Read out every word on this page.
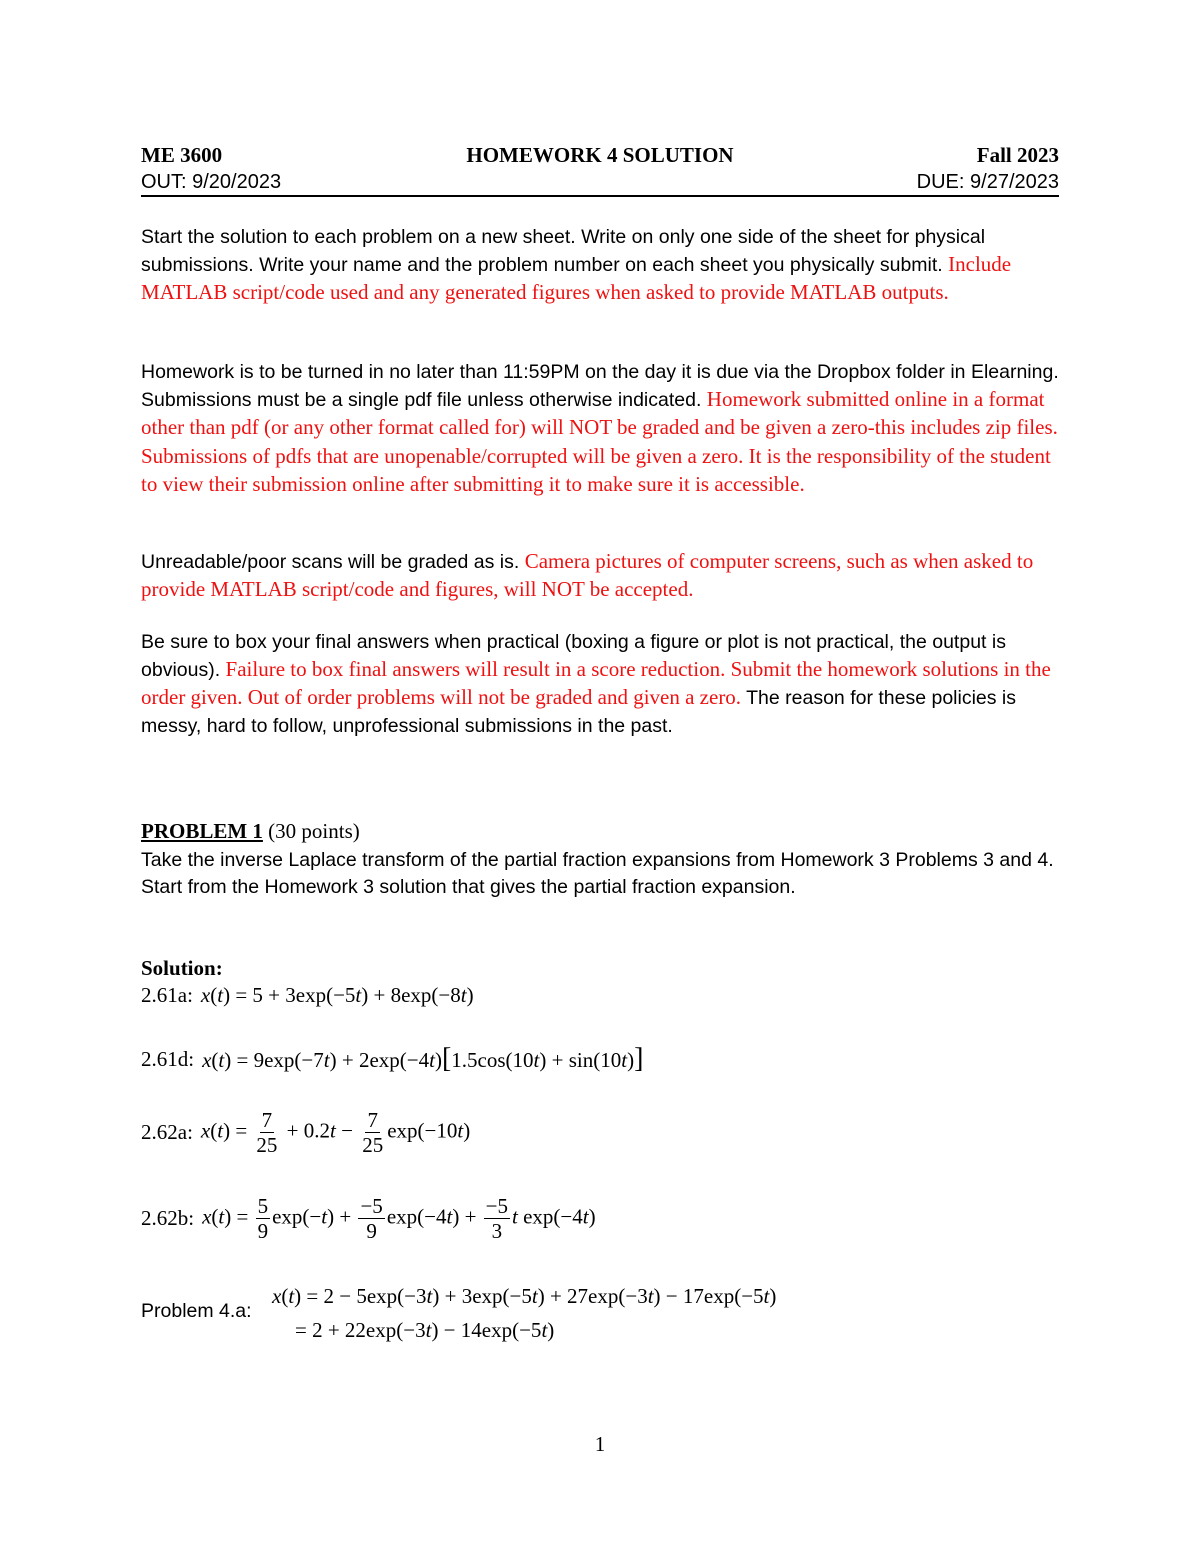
ME 3600	HOMEWORK 4 SOLUTION	Fall 2023
OUT: 9/20/2023	DUE: 9/27/2023
Start the solution to each problem on a new sheet. Write on only one side of the sheet for physical submissions. Write your name and the problem number on each sheet you physically submit. Include MATLAB script/code used and any generated figures when asked to provide MATLAB outputs.
Homework is to be turned in no later than 11:59PM on the day it is due via the Dropbox folder in Elearning. Submissions must be a single pdf file unless otherwise indicated. Homework submitted online in a format other than pdf (or any other format called for) will NOT be graded and be given a zero-this includes zip files. Submissions of pdfs that are unopenable/corrupted will be given a zero. It is the responsibility of the student to view their submission online after submitting it to make sure it is accessible.
Unreadable/poor scans will be graded as is. Camera pictures of computer screens, such as when asked to provide MATLAB script/code and figures, will NOT be accepted.
Be sure to box your final answers when practical (boxing a figure or plot is not practical, the output is obvious). Failure to box final answers will result in a score reduction. Submit the homework solutions in the order given. Out of order problems will not be graded and given a zero. The reason for these policies is messy, hard to follow, unprofessional submissions in the past.
PROBLEM 1 (30 points)
Take the inverse Laplace transform of the partial fraction expansions from Homework 3 Problems 3 and 4. Start from the Homework 3 solution that gives the partial fraction expansion.
Solution:
2.61a: x(t) = 5 + 3exp(−5t) + 8exp(−8t)
2.61d: x(t) = 9exp(−7t) + 2exp(−4t)[1.5cos(10t) + sin(10t)]
2.62a: $x(t) = \frac{7}{25} + 0.2t - \frac{7}{25} \exp(-10t)$
2.62b: $x(t) = \frac{5}{9} \exp(-t) + \frac{-5}{9} \exp(-4t) + \frac{-5}{3}$ t exp(−4t)
Problem 4.a:
x(t) = 2 − 5exp(−3t) + 3exp(−5t) + 27exp(−3t) − 17exp(−5t)
= 2 + 22exp(−3t) − 14exp(−5t)
1
